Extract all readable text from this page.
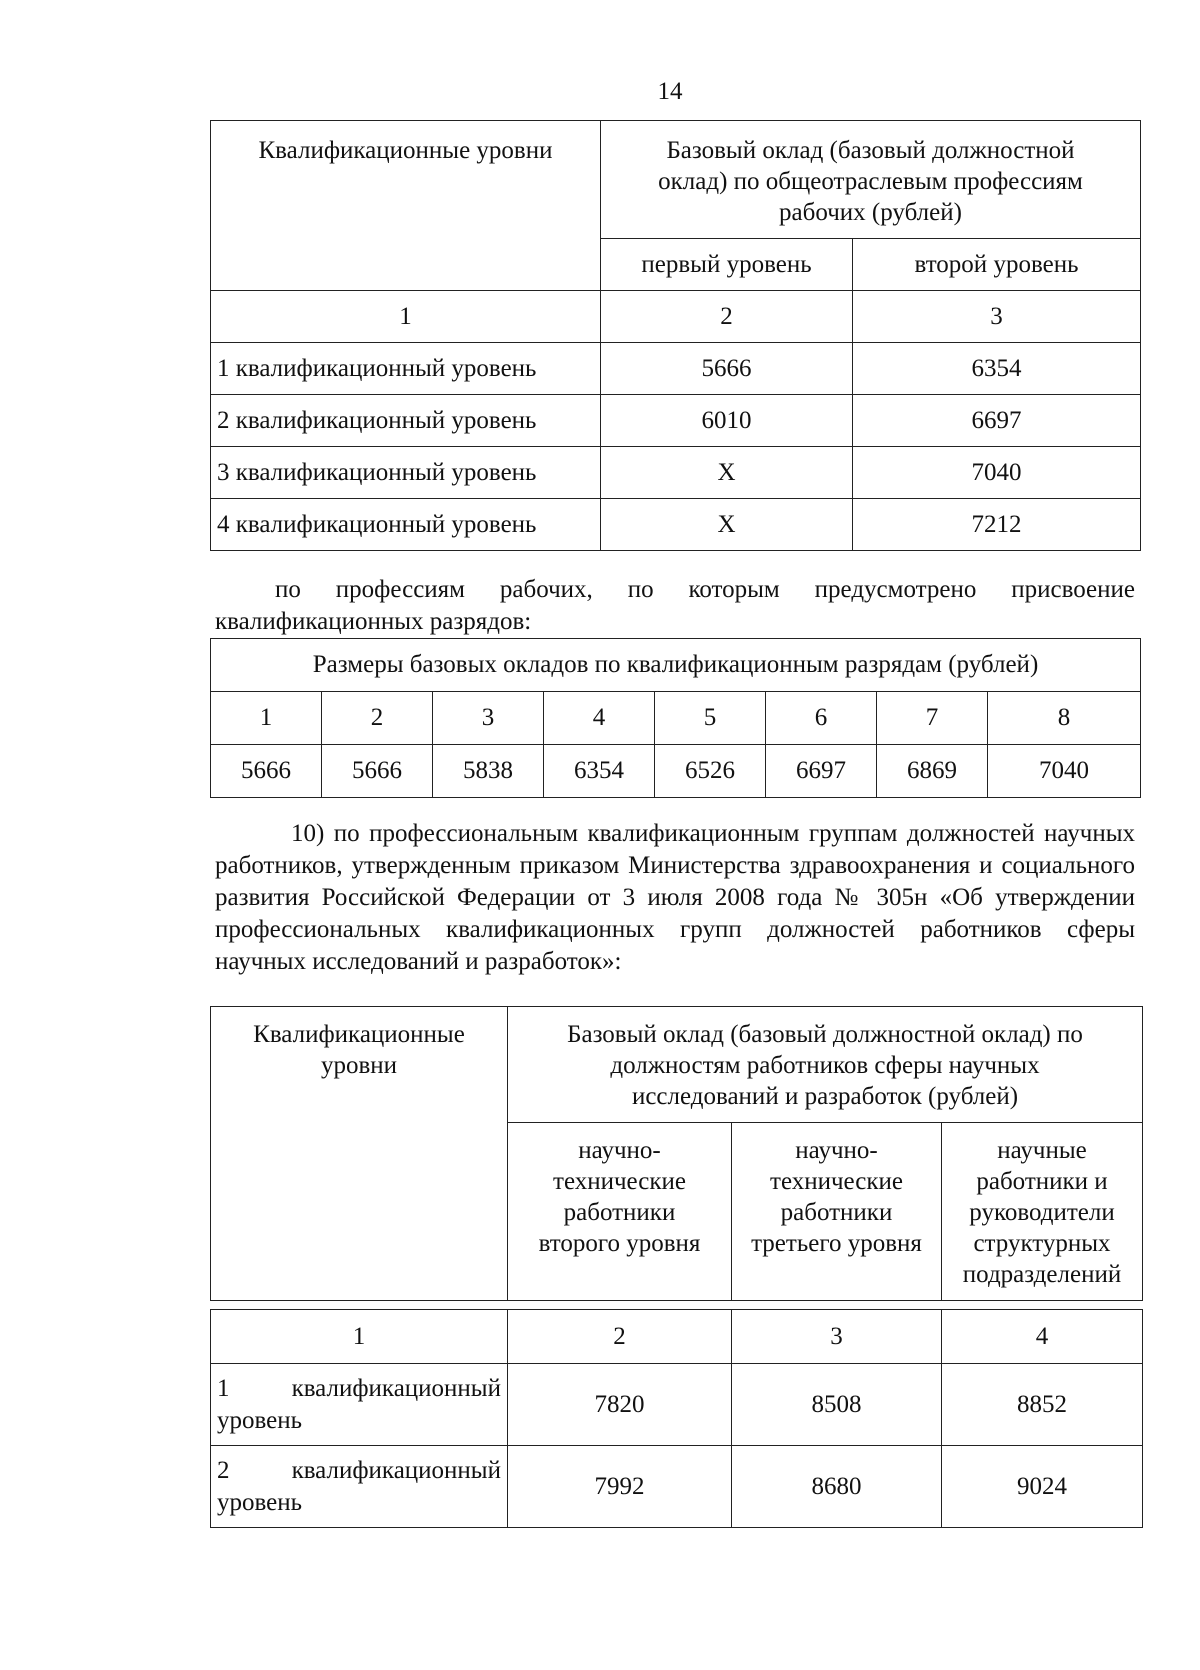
14
Квалификационные уровни	Базовый оклад (базовый должностной оклад) по общеотраслевым профессиям рабочих (рублей)	
	первый уровень	второй уровень
1	2	3
1 квалификационный уровень	5666	6354
2 квалификационный уровень	6010	6697
3 квалификационный уровень	Х	7040
4 квалификационный уровень	Х	7212
по профессиям рабочих, по которым предусмотрено присвоение квалификационных разрядов:
Размеры базовых окладов по квалификационным разрядам (рублей)							
1	2	3	4	5	6	7	8
5666	5666	5838	6354	6526	6697	6869	7040
10) по профессиональным квалификационным группам должностей научных работников, утвержденным приказом Министерства здравоохранения и социального развития Российской Федерации от 3 июля 2008 года № 305н «Об утверждении профессиональных квалификационных групп должностей работников сферы научных исследований и разработок»:
Квалификационные уровни	Базовый оклад (базовый должностной оклад) по должностям работников сферы научных исследований и разработок (рублей)		
	научно-технические работники второго уровня	научно-технические работники третьего уровня	научные работники и руководители структурных подразделений

1	2	3	4

1 квалификационный
уровень	7820	8508	8852

2 квалификационный
уровень	7992	8680	9024
